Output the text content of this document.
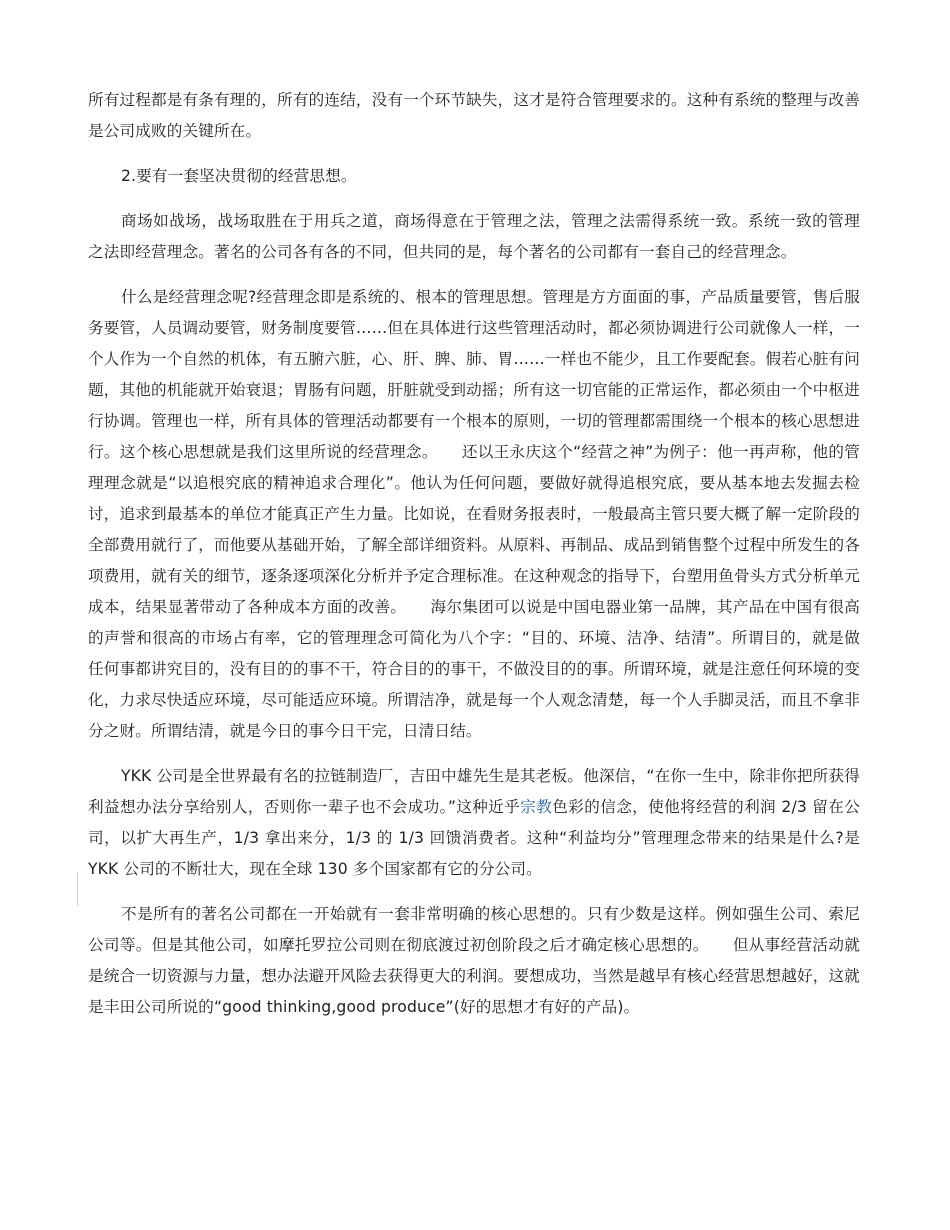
所有过程都是有条有理的，所有的连结，没有一个环节缺失，这才是符合管理要求的。这种有系统的整理与改善是公司成败的关键所在。

2.要有一套坚决贯彻的经营思想。

商场如战场，战场取胜在于用兵之道，商场得意在于管理之法，管理之法需得系统一致。系统一致的管理之法即经营理念。著名的公司各有各的不同，但共同的是，每个著名的公司都有一套自己的经营理念。

什么是经营理念呢?经营理念即是系统的、根本的管理思想。管理是方方面面的事，产品质量要管，售后服务要管，人员调动要管，财务制度要管……但在具体进行这些管理活动时，都必须协调进行公司就像人一样，一个人作为一个自然的机体，有五腑六脏，心、肝、脾、肺、胃……一样也不能少，且工作要配套。假若心脏有问题，其他的机能就开始衰退；胃肠有问题，肝脏就受到动摇；所有这一切官能的正常运作，都必须由一个中枢进行协调。管理也一样，所有具体的管理活动都要有一个根本的原则，一切的管理都需围绕一个根本的核心思想进行。这个核心思想就是我们这里所说的经营理念。 还以王永庆这个“经营之神”为例子：他一再声称，他的管理理念就是“以追根究底的精神追求合理化”。他认为任何问题，要做好就得追根究底，要从基本地去发掘去检讨，追求到最基本的单位才能真正产生力量。比如说，在看财务报表时，一般最高主管只要大概了解一定阶段的全部费用就行了，而他要从基础开始，了解全部详细资料。从原料、再制品、成品到销售整个过程中所发生的各项费用，就有关的细节，逐条逐项深化分析并予定合理标准。在这种观念的指导下，台塑用鱼骨头方式分析单元成本，结果显著带动了各种成本方面的改善。 海尔集团可以说是中国电器业第一品牌，其产品在中国有很高的声誉和很高的市场占有率，它的管理理念可简化为八个字：“目的、环境、洁净、结清”。所谓目的，就是做任何事都讲究目的，没有目的的事不干，符合目的的事干，不做没目的的事。所谓环境，就是注意任何环境的变化，力求尽快适应环境，尽可能适应环境。所谓洁净，就是每一个人观念清楚，每一个人手脚灵活，而且不拿非分之财。所谓结清，就是今日的事今日干完，日清日结。

YKK 公司是全世界最有名的拉链制造厂，吉田中雄先生是其老板。他深信，“在你一生中，除非你把所获得利益想办法分享给别人，否则你一辈子也不会成功。”这种近乎宗教色彩的信念，使他将经营的利润 2/3 留在公司，以扩大再生产，1/3 拿出来分，1/3 的 1/3 回馈消费者。这种“利益均分”管理理念带来的结果是什么?是 YKK 公司的不断壮大，现在全球 130 多个国家都有它的分公司。

不是所有的著名公司都在一开始就有一套非常明确的核心思想的。只有少数是这样。例如强生公司、索尼公司等。但是其他公司，如摩托罗拉公司则在彻底渡过初创阶段之后才确定核心思想的。 但从事经营活动就是统合一切资源与力量，想办法避开风险去获得更大的利润。要想成功，当然是越早有核心经营思想越好，这就是丰田公司所说的“good thinking,good produce”(好的思想才有好的产品)。
